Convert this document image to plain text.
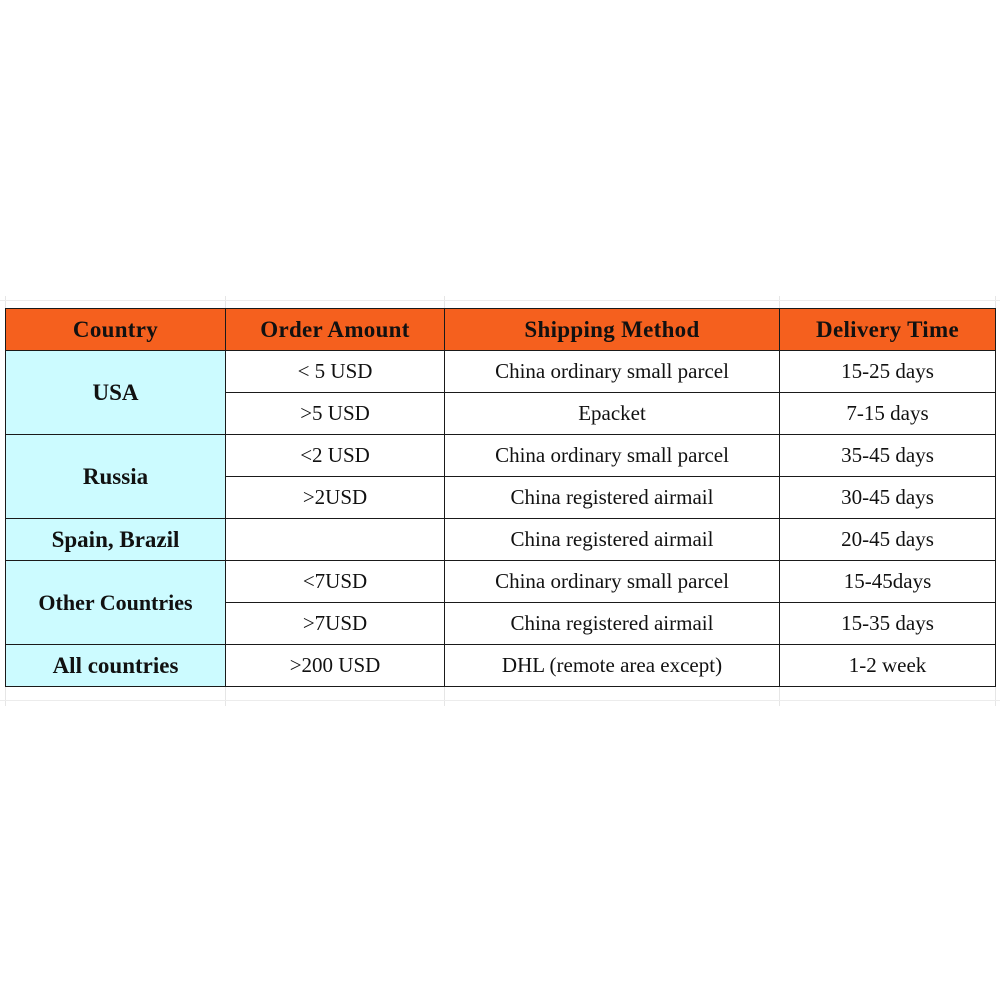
Country	Order Amount	Shipping Method	Delivery Time
USA	< 5 USD	China ordinary small parcel	15-25 days
	>5 USD	Epacket	7-15 days
Russia	<2 USD	China ordinary small parcel	35-45 days
	>2USD	China registered airmail	30-45 days
Spain, Brazil		China registered airmail	20-45 days
Other Countries	<7USD	China ordinary small parcel	15-45days
	>7USD	China registered airmail	15-35 days
All countries	>200 USD	DHL (remote area except)	1-2 week
